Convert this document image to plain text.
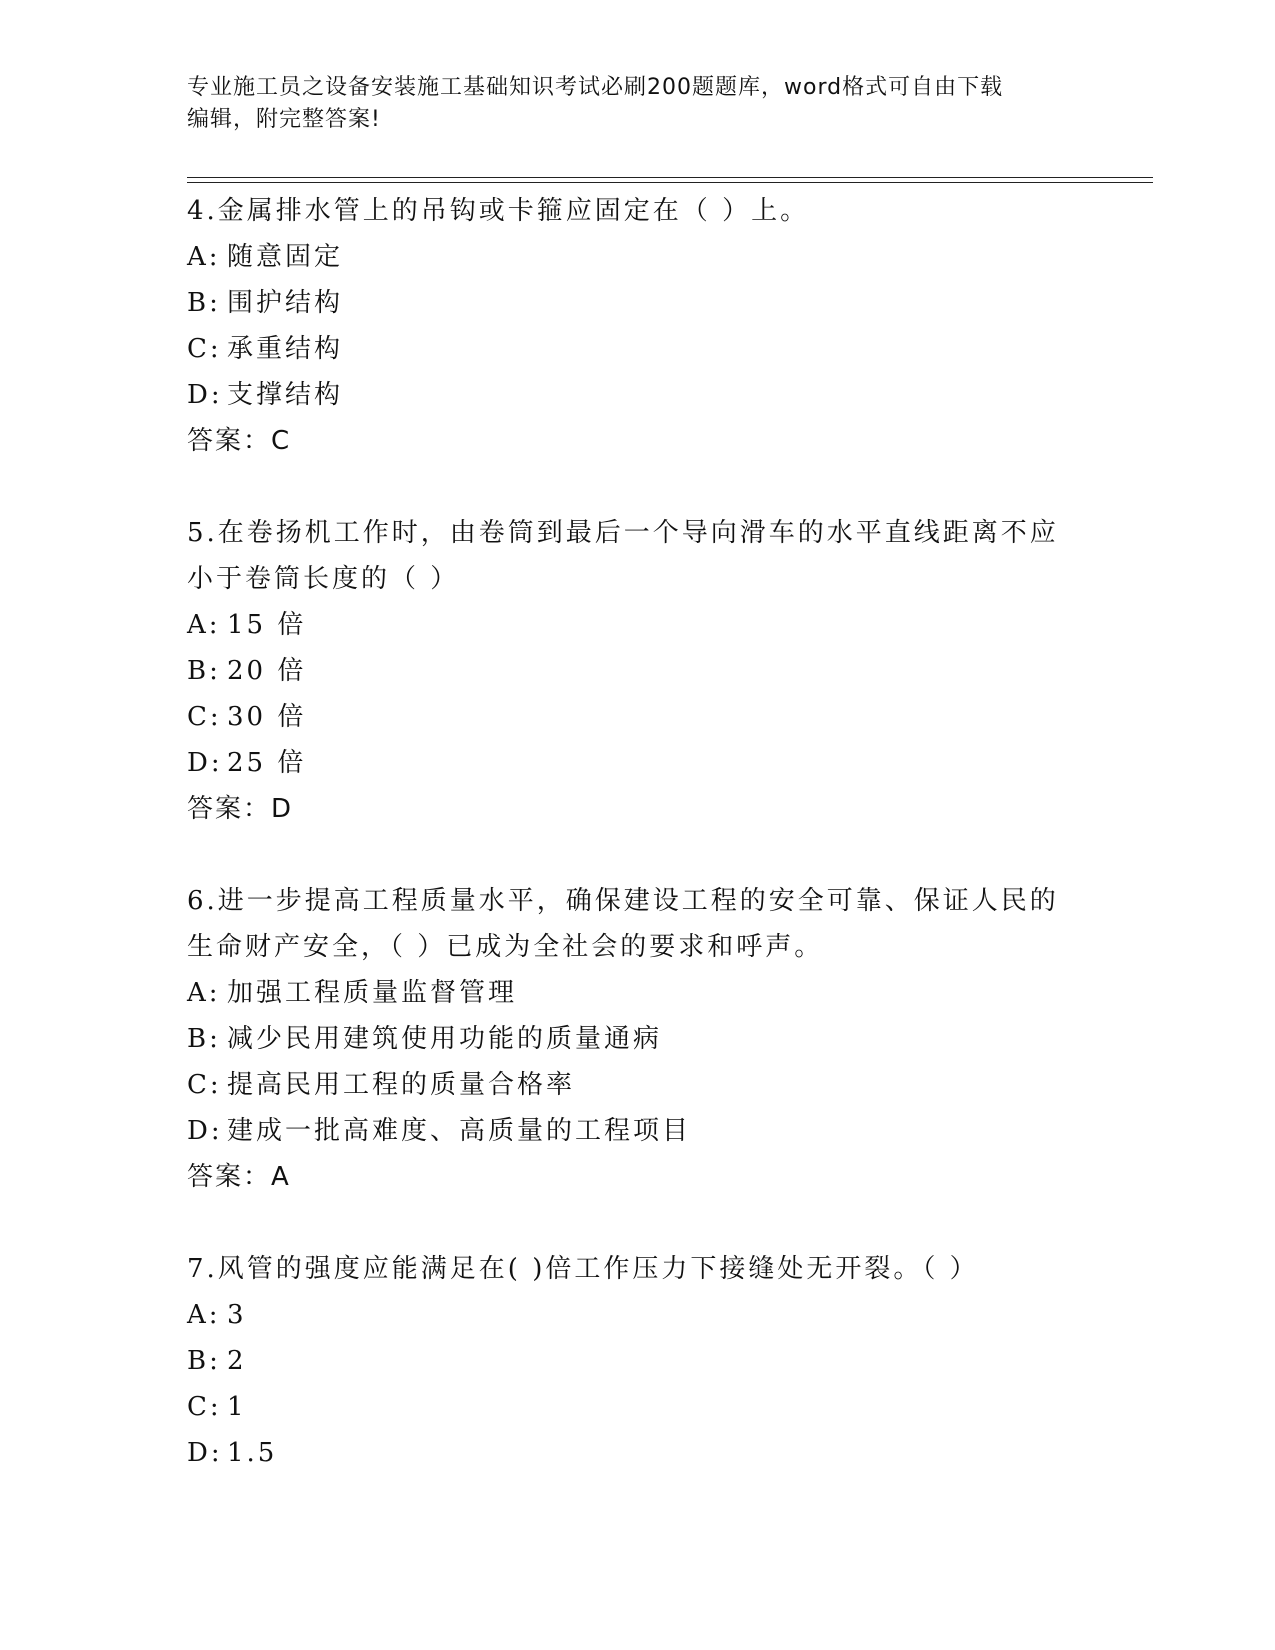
专业施工员之设备安装施工基础知识考试必刷200题题库，word格式可自由下载
编辑，附完整答案!
4.金属排水管上的吊钩或卡箍应固定在（ ）上。
A: 随意固定
B: 围护结构
C: 承重结构
D: 支撑结构
答案：C
5.在卷扬机工作时，由卷筒到最后一个导向滑车的水平直线距离不应
小于卷筒长度的（ ）
A: 15 倍
B: 20 倍
C: 30 倍
D: 25 倍
答案：D
6.进一步提高工程质量水平，确保建设工程的安全可靠、保证人民的
生命财产安全，（ ）已成为全社会的要求和呼声。
A: 加强工程质量监督管理
B: 减少民用建筑使用功能的质量通病
C: 提高民用工程的质量合格率
D: 建成一批高难度、高质量的工程项目
答案：A
7.风管的强度应能满足在( )倍工作压力下接缝处无开裂。（ ）
A: 3
B: 2
C: 1
D: 1.5
